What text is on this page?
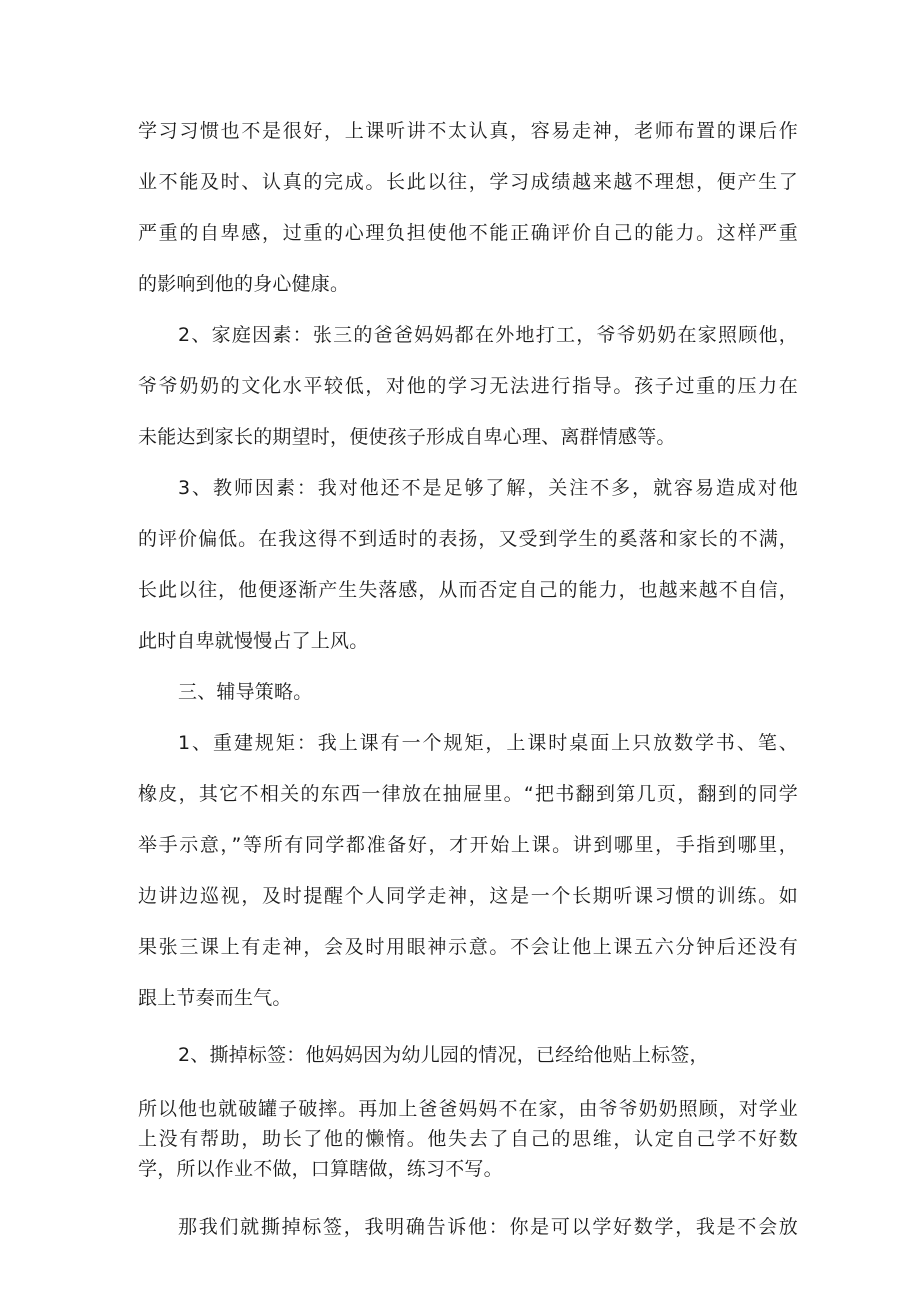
学习习惯也不是很好，上课听讲不太认真，容易走神，老师布置的课后作
业不能及时、认真的完成。长此以往，学习成绩越来越不理想，便产生了
严重的自卑感，过重的心理负担使他不能正确评价自己的能力。这样严重
的影响到他的身心健康。
2、家庭因素：张三的爸爸妈妈都在外地打工，爷爷奶奶在家照顾他，
爷爷奶奶的文化水平较低，对他的学习无法进行指导。孩子过重的压力在
未能达到家长的期望时，便使孩子形成自卑心理、离群情感等。
3、教师因素：我对他还不是足够了解，关注不多，就容易造成对他
的评价偏低。在我这得不到适时的表扬，又受到学生的奚落和家长的不满，
长此以往，他便逐渐产生失落感，从而否定自己的能力，也越来越不自信，
此时自卑就慢慢占了上风。
三、辅导策略。
1、重建规矩：我上课有一个规矩，上课时桌面上只放数学书、笔、
橡皮，其它不相关的东西一律放在抽屉里。“把书翻到第几页，翻到的同学
举手示意，”等所有同学都准备好，才开始上课。讲到哪里，手指到哪里，
边讲边巡视，及时提醒个人同学走神，这是一个长期听课习惯的训练。如
果张三课上有走神，会及时用眼神示意。不会让他上课五六分钟后还没有
跟上节奏而生气。
2、撕掉标签：他妈妈因为幼儿园的情况，已经给他贴上标签，
所以他也就破罐子破摔。再加上爸爸妈妈不在家，由爷爷奶奶照顾，对学业
上没有帮助，助长了他的懒惰。他失去了自己的思维，认定自己学不好数
学，所以作业不做，口算瞎做，练习不写。
那我们就撕掉标签，我明确告诉他：你是可以学好数学，我是不会放
